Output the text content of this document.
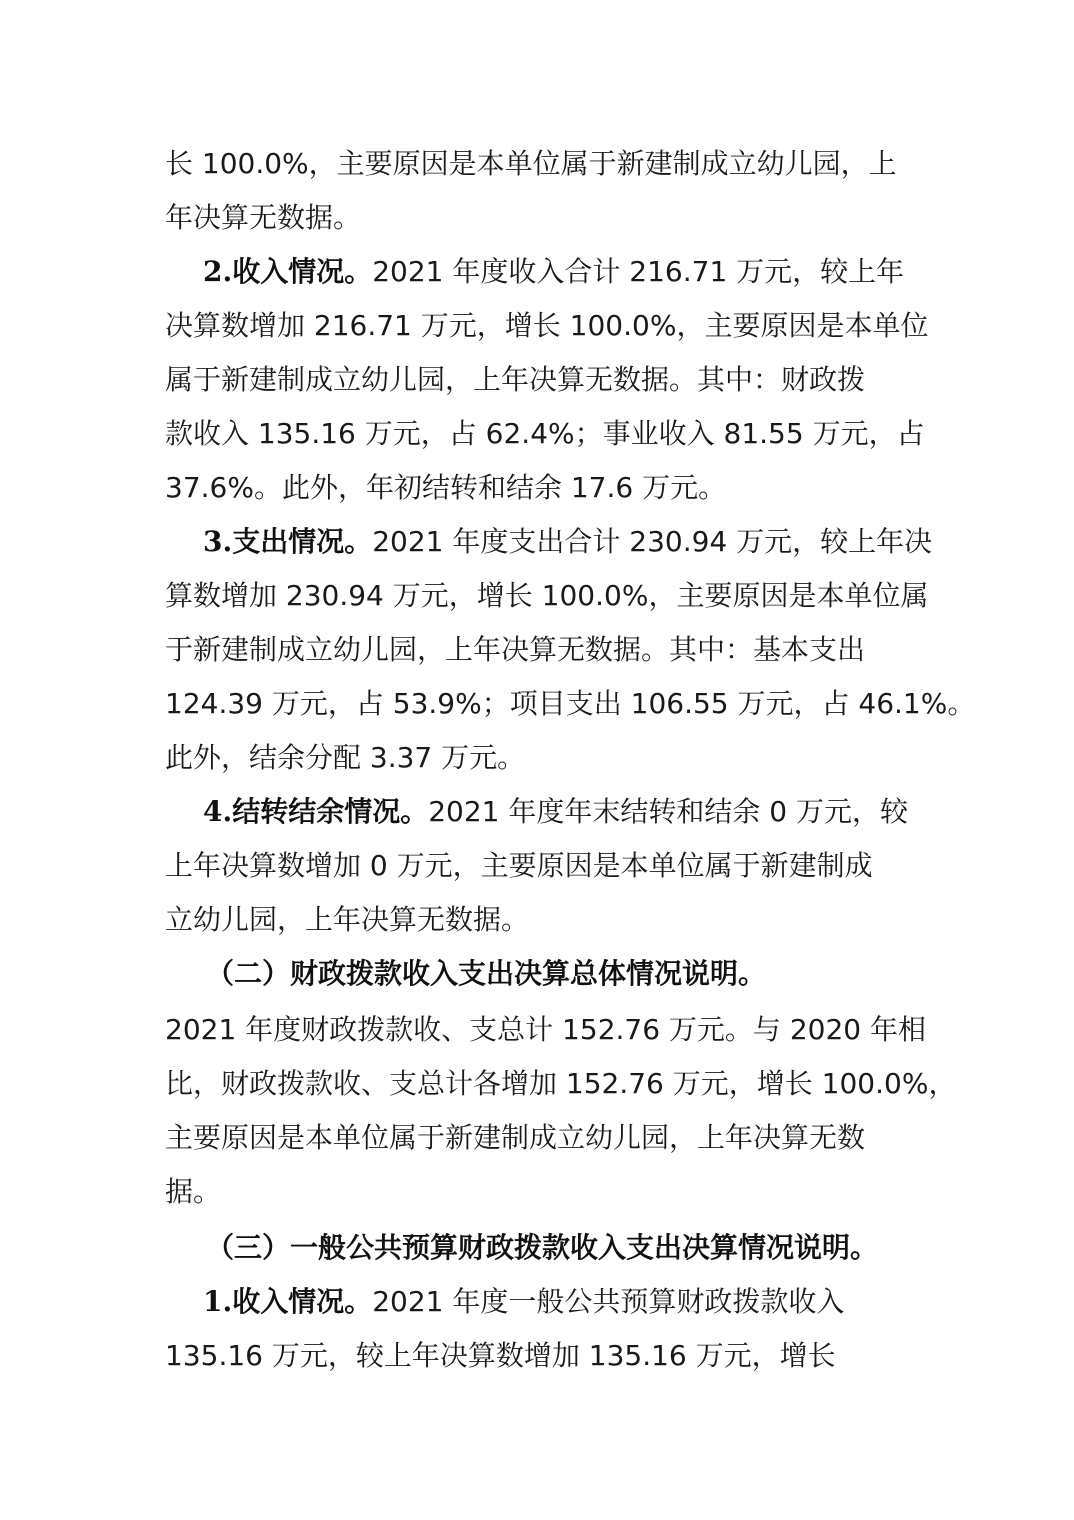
长 100.0%，主要原因是本单位属于新建制成立幼儿园，上
年决算无数据。
2.收入情况。2021 年度收入合计 216.71 万元，较上年
决算数增加 216.71 万元，增长 100.0%，主要原因是本单位
属于新建制成立幼儿园，上年决算无数据。其中：财政拨
款收入 135.16 万元，占 62.4%；事业收入 81.55 万元，占
37.6%。此外，年初结转和结余 17.6 万元。
3.支出情况。2021 年度支出合计 230.94 万元，较上年决
算数增加 230.94 万元，增长 100.0%，主要原因是本单位属
于新建制成立幼儿园，上年决算无数据。其中：基本支出
124.39 万元，占 53.9%；项目支出 106.55 万元，占 46.1%。
此外，结余分配 3.37 万元。
4.结转结余情况。2021 年度年末结转和结余 0 万元，较
上年决算数增加 0 万元，主要原因是本单位属于新建制成
立幼儿园，上年决算无数据。
（二）财政拨款收入支出决算总体情况说明。
2021 年度财政拨款收、支总计 152.76 万元。与 2020 年相
比，财政拨款收、支总计各增加 152.76 万元，增长 100.0%，
主要原因是本单位属于新建制成立幼儿园，上年决算无数
据。
（三）一般公共预算财政拨款收入支出决算情况说明。
1.收入情况。2021 年度一般公共预算财政拨款收入
135.16 万元，较上年决算数增加 135.16 万元，增长
